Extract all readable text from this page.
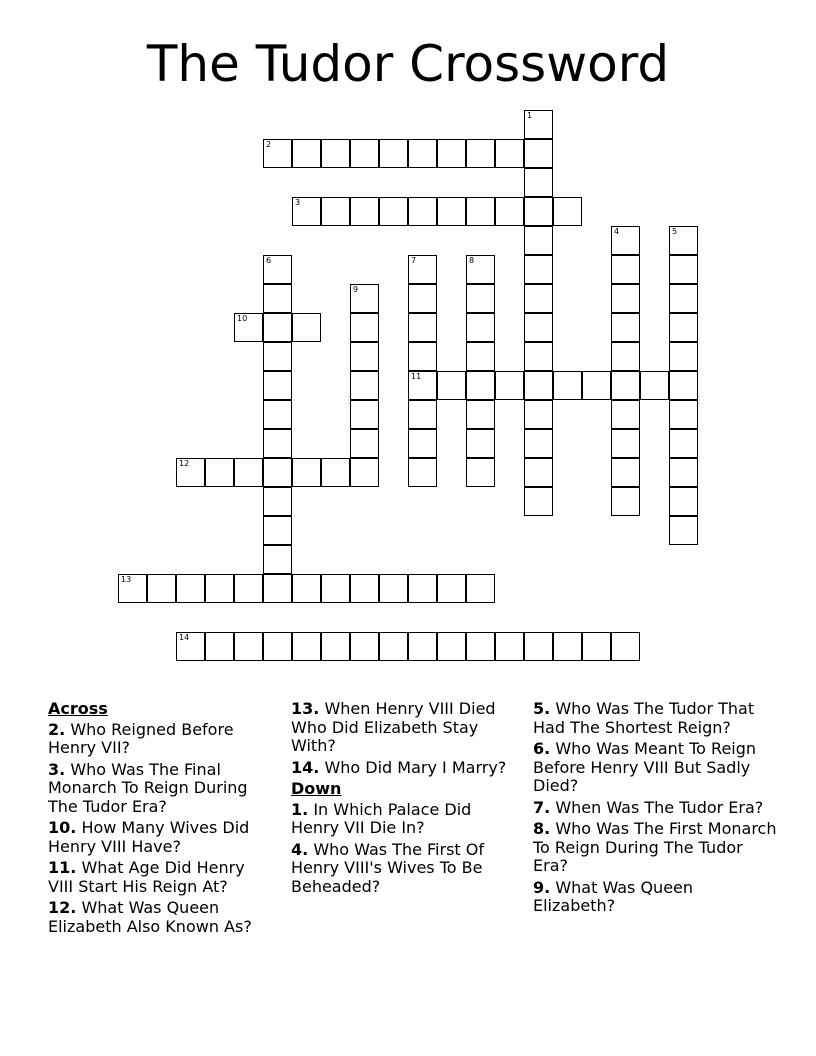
The Tudor Crossword
1
2
3
4	5
6	7
11
8
9
10
12
13
14
Across
2. Who Reigned Before Henry VII?
3. Who Was The Final Monarch To Reign During The Tudor Era?
10. How Many Wives Did Henry VIII Have?
11. What Age Did Henry VIII Start His Reign At?
12. What Was Queen Elizabeth Also Known As?
13. When Henry VIII Died Who Did Elizabeth Stay With?
14. Who Did Mary I Marry?
Down
1. In Which Palace Did Henry VII Die In?
4. Who Was The First Of Henry VIII's Wives To Be Beheaded?
5. Who Was The Tudor That Had The Shortest Reign?
6. Who Was Meant To Reign Before Henry VIII But Sadly Died?
7. When Was The Tudor Era?
8. Who Was The First Monarch To Reign During The Tudor Era?
9. What Was Queen Elizabeth?
